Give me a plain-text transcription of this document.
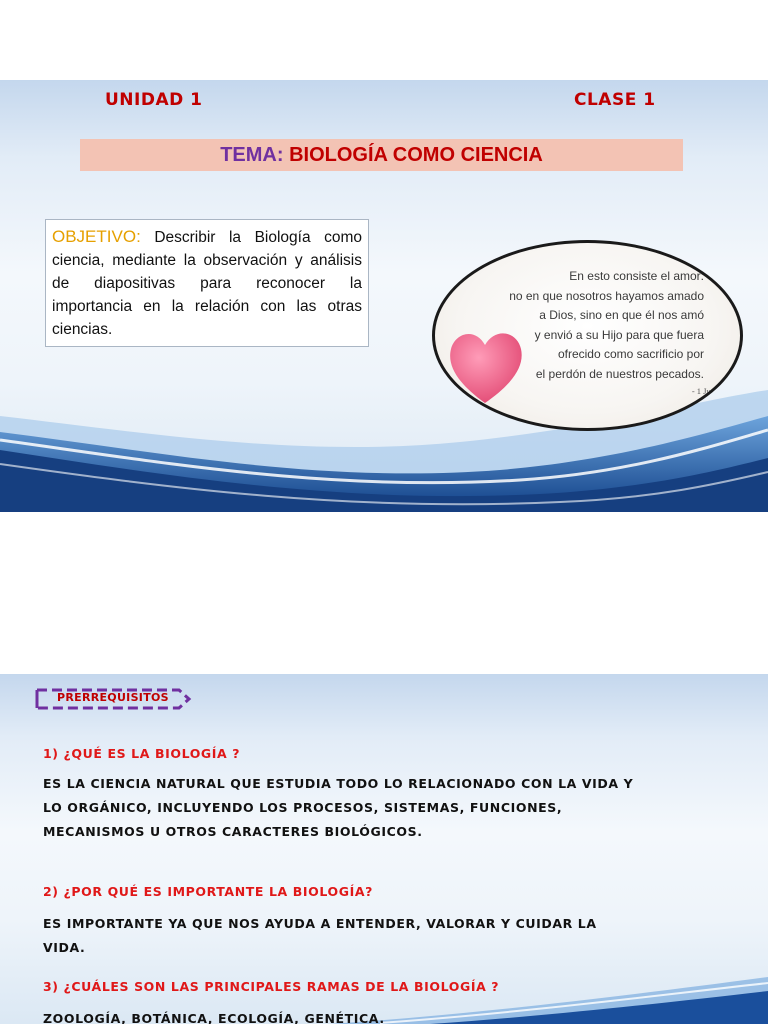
UNIDAD 1	CLASE 1
TEMA: BIOLOGÍA COMO CIENCIA
OBJETIVO: Describir la Biología como ciencia, mediante la observación y análisis de diapositivas para reconocer la importancia en la relación con las otras ciencias.
En esto consiste el amor:
no en que nosotros hayamos amado
a Dios, sino en que él nos amó
y envió a su Hijo para que fuera
ofrecido como sacrificio por
el perdón de nuestros pecados.
- 1 Juan 4:10
PRERREQUISITOS
1) ¿QUÉ ES LA BIOLOGÍA ?
ES LA CIENCIA NATURAL QUE ESTUDIA TODO LO RELACIONADO CON LA VIDA Y LO ORGÁNICO, INCLUYENDO LOS PROCESOS, SISTEMAS, FUNCIONES, MECANISMOS U OTROS CARACTERES BIOLÓGICOS.
2) ¿POR QUÉ ES IMPORTANTE LA BIOLOGÍA?
ES IMPORTANTE YA QUE NOS AYUDA A ENTENDER, VALORAR Y CUIDAR LA VIDA.
3) ¿CUÁLES SON LAS PRINCIPALES RAMAS DE LA BIOLOGÍA ?
ZOOLOGÍA, BOTÁNICA, ECOLOGÍA, GENÉTICA.
